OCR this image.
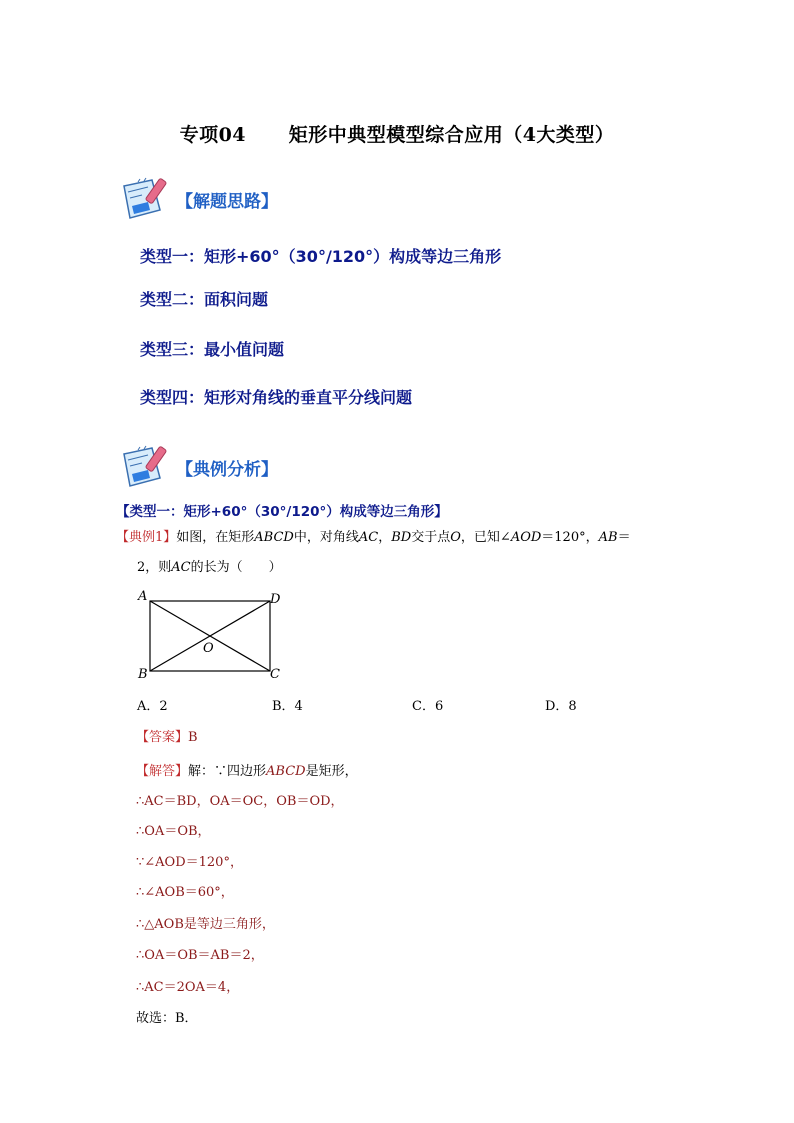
专项04      矩形中典型模型综合应用（4大类型）
【解题思路】
类型一：矩形+60°（30°/120°）构成等边三角形
类型二：面积问题
类型三：最小值问题
类型四：矩形对角线的垂直平分线问题
【典例分析】
【类型一：矩形+60°（30°/120°）构成等边三角形】
【典例1】如图，在矩形ABCD中，对角线AC，BD交于点O，已知∠AOD＝120°，AB＝
2，则AC的长为（　　）
A
B	C
D
O
A．2	B．4	C．6	D．8
【答案】B
【解答】解：∵四边形ABCD是矩形，
∴AC＝BD，OA＝OC，OB＝OD，
∴OA＝OB，
∵∠AOD＝120°，
∴∠AOB＝60°，
∴△AOB是等边三角形，
∴OA＝OB＝AB＝2，
∴AC＝2OA＝4，
故选：B．
